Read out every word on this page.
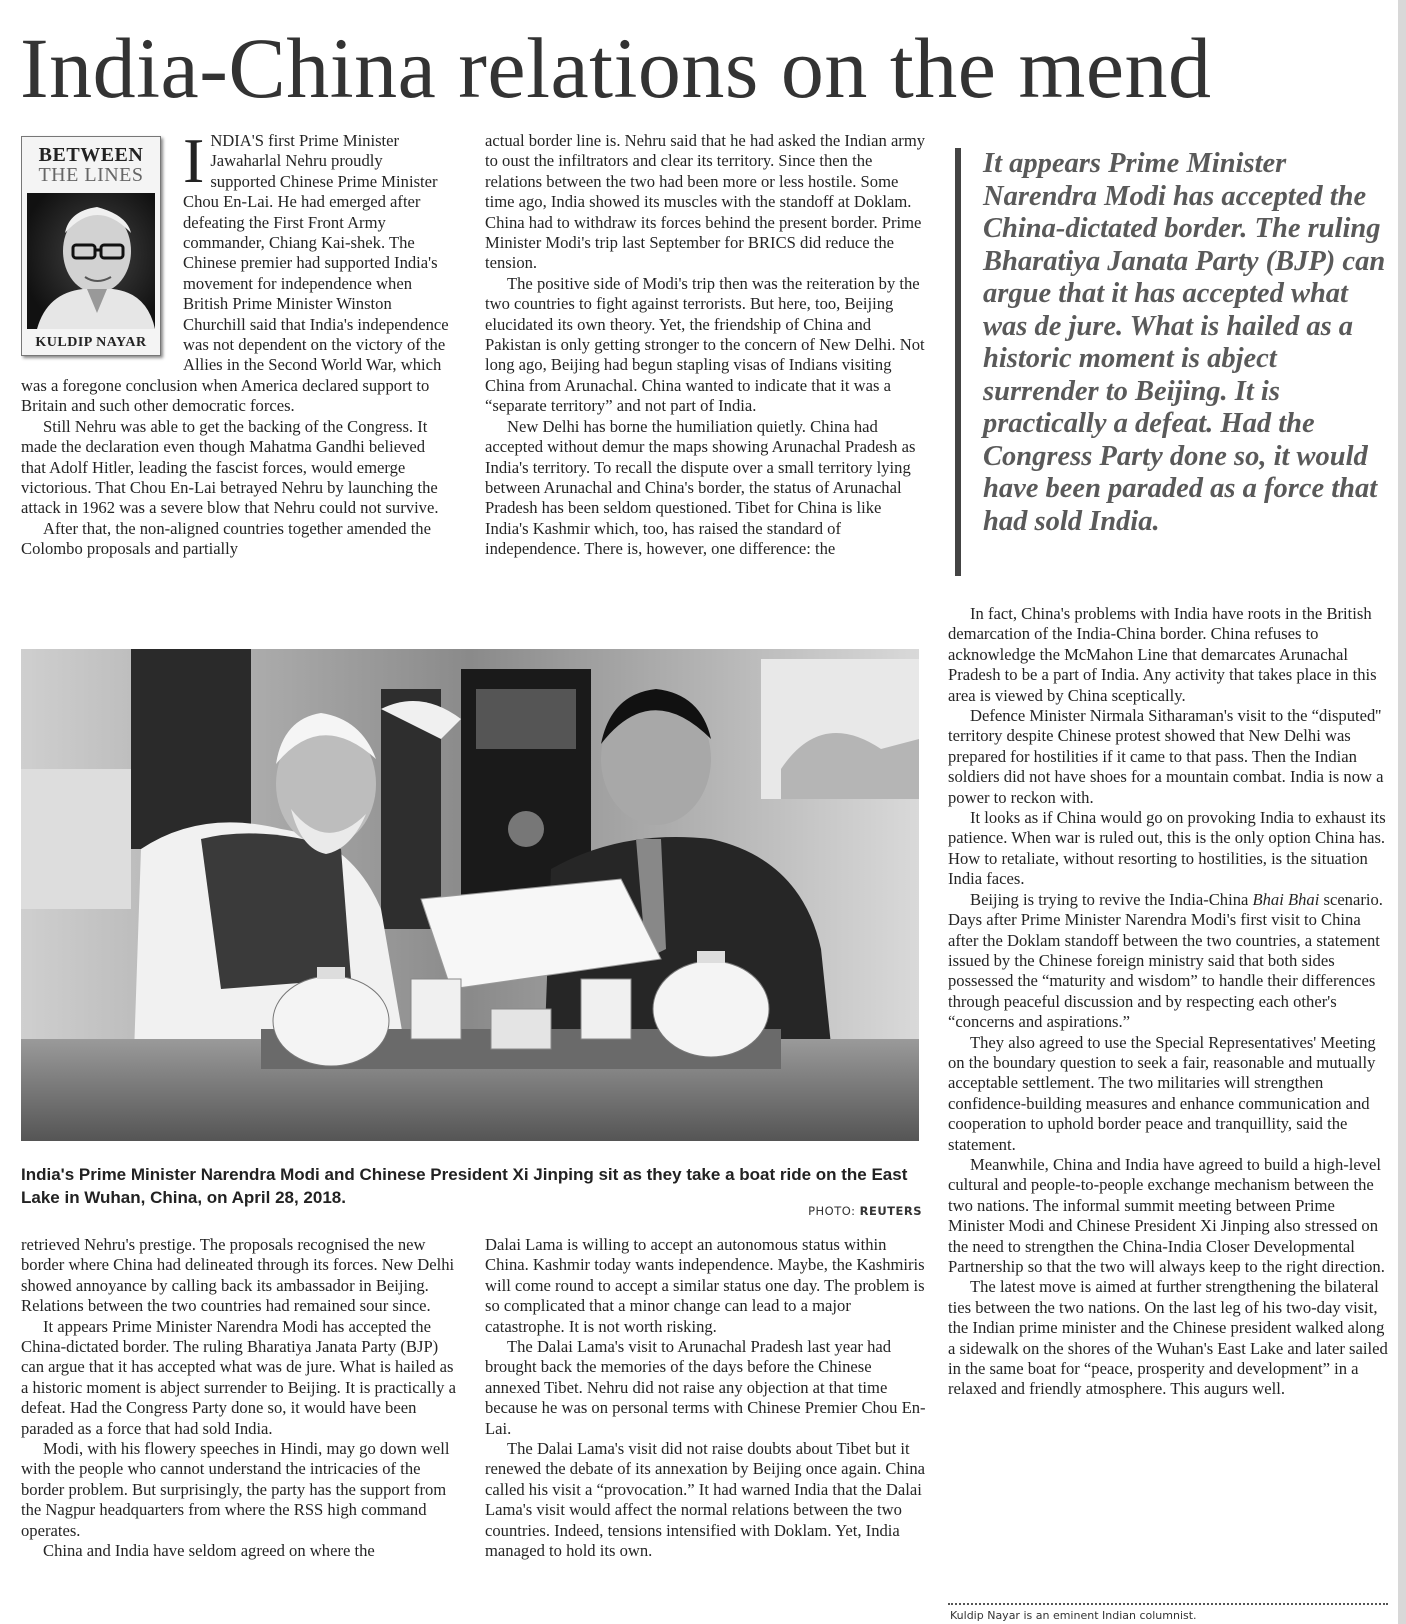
India-China relations on the mend
BETWEEN
THE LINES
KULDIP NAYAR

INDIA'S first Prime Minister Jawaharlal Nehru proudly supported Chinese Prime Minister Chou En-Lai. He had emerged after defeating the First Front Army commander, Chiang Kai-shek. The Chinese premier had supported India's movement for independence when British Prime Minister Winston Churchill said that India's independence was not dependent on the victory of the Allies in the Second World War, which was a foregone conclusion when America declared support to Britain and such other democratic forces.

Still Nehru was able to get the backing of the Congress. It made the declaration even though Mahatma Gandhi believed that Adolf Hitler, leading the fascist forces, would emerge victorious. That Chou En-Lai betrayed Nehru by launching the attack in 1962 was a severe blow that Nehru could not survive.

After that, the non-aligned countries together amended the Colombo proposals and partially

actual border line is. Nehru said that he had asked the Indian army to oust the infiltrators and clear its territory. Since then the relations between the two had been more or less hostile. Some time ago, India showed its muscles with the standoff at Doklam. China had to withdraw its forces behind the present border. Prime Minister Modi's trip last September for BRICS did reduce the tension.

The positive side of Modi's trip then was the reiteration by the two countries to fight against terrorists. But here, too, Beijing elucidated its own theory. Yet, the friendship of China and Pakistan is only getting stronger to the concern of New Delhi. Not long ago, Beijing had begun stapling visas of Indians visiting China from Arunachal. China wanted to indicate that it was a “separate territory” and not part of India.

New Delhi has borne the humiliation quietly. China had accepted without demur the maps showing Arunachal Pradesh as India's territory. To recall the dispute over a small territory lying between Arunachal and China's border, the status of Arunachal Pradesh has been seldom questioned. Tibet for China is like India's Kashmir which, too, has raised the standard of independence. There is, however, one difference: the

It appears Prime Minister Narendra Modi has accepted the China-dictated border. The ruling Bharatiya Janata Party (BJP) can argue that it has accepted what was de jure. What is hailed as a historic moment is abject surrender to Beijing. It is practically a defeat. Had the Congress Party done so, it would have been paraded as a force that had sold India.
India's Prime Minister Narendra Modi and Chinese President Xi Jinping sit as they take a boat ride on the East Lake in Wuhan, China, on April 28, 2018.
PHOTO: REUTERS

retrieved Nehru's prestige. The proposals recognised the new border where China had delineated through its forces. New Delhi showed annoyance by calling back its ambassador in Beijing. Relations between the two countries had remained sour since.

It appears Prime Minister Narendra Modi has accepted the China-dictated border. The ruling Bharatiya Janata Party (BJP) can argue that it has accepted what was de jure. What is hailed as a historic moment is abject surrender to Beijing. It is practically a defeat. Had the Congress Party done so, it would have been paraded as a force that had sold India.

Modi, with his flowery speeches in Hindi, may go down well with the people who cannot understand the intricacies of the border problem. But surprisingly, the party has the support from the Nagpur headquarters from where the RSS high command operates.

China and India have seldom agreed on where the

Dalai Lama is willing to accept an autonomous status within China. Kashmir today wants independence. Maybe, the Kashmiris will come round to accept a similar status one day. The problem is so complicated that a minor change can lead to a major catastrophe. It is not worth risking.

The Dalai Lama's visit to Arunachal Pradesh last year had brought back the memories of the days before the Chinese annexed Tibet. Nehru did not raise any objection at that time because he was on personal terms with Chinese Premier Chou En-Lai.

The Dalai Lama's visit did not raise doubts about Tibet but it renewed the debate of its annexation by Beijing once again. China called his visit a “provocation.” It had warned India that the Dalai Lama's visit would affect the normal relations between the two countries. Indeed, tensions intensified with Doklam. Yet, India managed to hold its own.

In fact, China's problems with India have roots in the British demarcation of the India-China border. China refuses to acknowledge the McMahon Line that demarcates Arunachal Pradesh to be a part of India. Any activity that takes place in this area is viewed by China sceptically.

Defence Minister Nirmala Sitharaman's visit to the “disputed'' territory despite Chinese protest showed that New Delhi was prepared for hostilities if it came to that pass. Then the Indian soldiers did not have shoes for a mountain combat. India is now a power to reckon with.

It looks as if China would go on provoking India to exhaust its patience. When war is ruled out, this is the only option China has. How to retaliate, without resorting to hostilities, is the situation India faces.

Beijing is trying to revive the India-China Bhai Bhai scenario. Days after Prime Minister Narendra Modi's first visit to China after the Doklam standoff between the two countries, a statement issued by the Chinese foreign ministry said that both sides possessed the “maturity and wisdom” to handle their differences through peaceful discussion and by respecting each other's “concerns and aspirations.”

They also agreed to use the Special Representatives' Meeting on the boundary question to seek a fair, reasonable and mutually acceptable settlement. The two militaries will strengthen confidence-building measures and enhance communication and cooperation to uphold border peace and tranquillity, said the statement.

Meanwhile, China and India have agreed to build a high-level cultural and people-to-people exchange mechanism between the two nations. The informal summit meeting between Prime Minister Modi and Chinese President Xi Jinping also stressed on the need to strengthen the China-India Closer Developmental Partnership so that the two will always keep to the right direction.

The latest move is aimed at further strengthening the bilateral ties between the two nations. On the last leg of his two-day visit, the Indian prime minister and the Chinese president walked along a sidewalk on the shores of the Wuhan's East Lake and later sailed in the same boat for “peace, prosperity and development” in a relaxed and friendly atmosphere. This augurs well.

Kuldip Nayar is an eminent Indian columnist.
